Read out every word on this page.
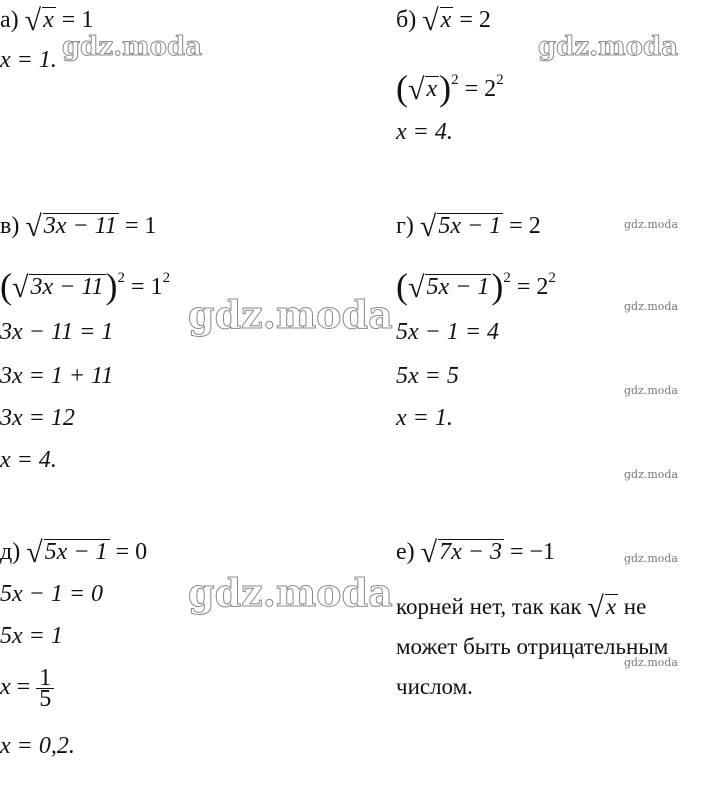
а) √x = 1
x = 1.
б) √x = 2
$(√x)^2 = 2^2$
x = 4.
в) √3x − 11 = 1
$(√3x - 11)^2 = 1^2$
3x − 11 = 1
3x = 1 + 11
3x = 12
x = 4.
г) √5x − 1 = 2
$(√5x - 1)^2 = 2^2$
5x − 1 = 4
5x = 5
x = 1.
д) √5x − 1 = 0
5x − 1 = 0
5x = 1
$x = \frac{1}{5}$
x = 0,2.
е) √7x − 3 = −1
корней нет, так как √x не
может быть отрицательным
числом.
gdz.moda	gdz.moda
gdz.moda
gdz.moda
gdz.moda
gdz.moda
gdz.moda
gdz.moda
gdz.moda
gdz.moda
